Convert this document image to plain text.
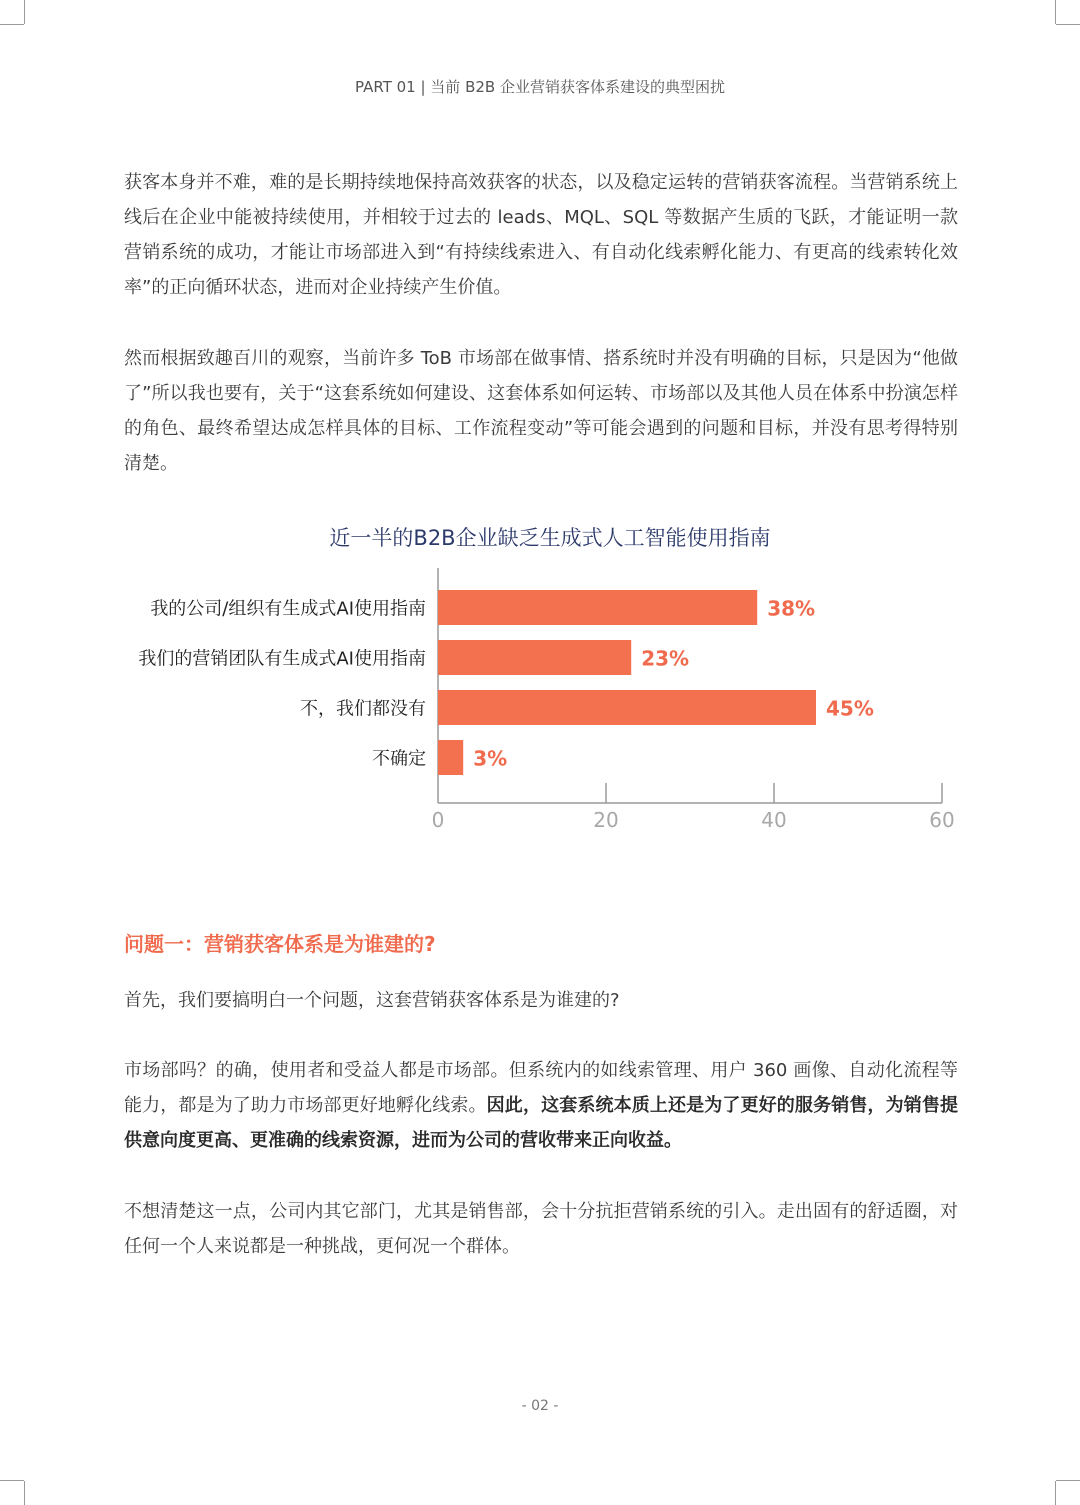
PART 01 | 当前 B2B 企业营销获客体系建设的典型困扰

获客本身并不难，难的是长期持续地保持高效获客的状态，以及稳定运转的营销获客流程。当营销系统上线后在企业中能被持续使用，并相较于过去的 leads、MQL、SQL 等数据产生质的飞跃，才能证明一款营销系统的成功，才能让市场部进入到“有持续线索进入、有自动化线索孵化能力、有更高的线索转化效率”的正向循环状态，进而对企业持续产生价值。

然而根据致趣百川的观察，当前许多 ToB 市场部在做事情、搭系统时并没有明确的目标，只是因为“他做了”所以我也要有，关于“这套系统如何建设、这套体系如何运转、市场部以及其他人员在体系中扮演怎样的角色、最终希望达成怎样具体的目标、工作流程变动”等可能会遇到的问题和目标，并没有思考得特别清楚。

近一半的B2B企业缺乏生成式人工智能使用指南
0	20	40	60
我的公司/组织有生成式AI使用指南	38%
我们的营销团队有生成式AI使用指南	23%
不，我们都没有	45%
不确定 3%
问题一：营销获客体系是为谁建的?

首先，我们要搞明白一个问题，这套营销获客体系是为谁建的?

市场部吗？的确，使用者和受益人都是市场部。但系统内的如线索管理、用户 360 画像、自动化流程等能力，都是为了助力市场部更好地孵化线索。因此，这套系统本质上还是为了更好的服务销售，为销售提供意向度更高、更准确的线索资源，进而为公司的营收带来正向收益。

不想清楚这一点，公司内其它部门，尤其是销售部，会十分抗拒营销系统的引入。走出固有的舒适圈，对任何一个人来说都是一种挑战，更何况一个群体。

- 02 -
